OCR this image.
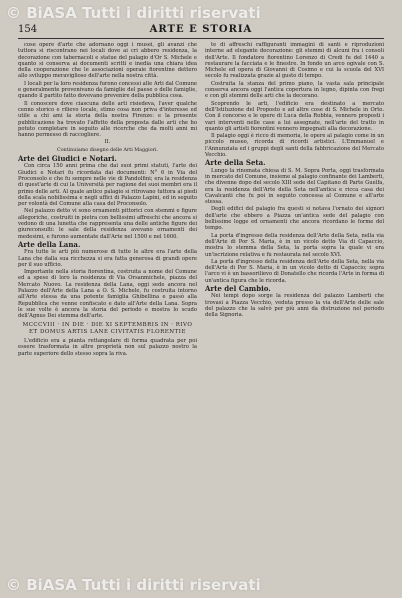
© BiASA Tutti i diritti riservati
154	ARTE E STORIA

cose opere d'arte che adornano oggi i musei, gli avanzi che tuttora si riscontrano nei locali dove ai cri abbero residenza, la decorazione con tabernacoli e statue del palagio d'Or S. Michele e quanto si conserva ai documenti scritti e inedia una chiara idea della cooperazione che le associazioni operaie fiorentine dettero allo sviluppo meraviglioso dell'arte nella nostra città.

I locali per la loro residenza furono concessi alle Arti dal Comune e generalmente provenivano da famiglie del paese o delle famiglie, quando il partito fatto dovevano prevenire della pubblica cosa.

Il conoscere dove ciascuna delle arti risiedeva, l'aver qualche cenno storico e rilievo locale, stimo cosa non priva d'interesse ed utile a chi ami la storia della nostra Firenze: e la presente pubblicazione ha trovato l'affetto della proposta dalle arti che ho potuto completare in seguito alle ricerche che da molti anni mi hanno permesso di raccogliere.

II.

Continuiamo disegno delle Arti Maggiori.
Arte dei Giudici e Notari.

Con circa 150 anni prima che dai suoi primi statuti, l'arte dei Giudici e Notari fu ricordata dai documenti: N° 6 in Via del Proconsolo e che fu sempre nelle vie di Pandolfini; era la residenza di quest'arte di cui la Università per ragione dei suoi membri era il primo delle arti. Al quale antico palagio si ritrovano tuttora ai piedi della scala nobilissima e negli uffici di Palazzo Lapini, ed in seguito per volontà del Comune alla casa del Proconsolo.

Nel palazzo detto vi sono ornamenti pittorici con stemmi e figure allegoriche, costruiti in pietra con bellissimi affreschi che ancora si vedono di una lunetta che rappresenta una delle antiche figure dei giureconsulti: le sale della residenza avevano ornamenti dei medesimi, e furono aumentate dall'Arte nel 1500 e nel 1600.

Arte della Lana.

Fra tutte le arti più numerose di tutte le altre era l'arte della Lana che dalla sua ricchezza si era fatta generosa di grandi opere per il suo ufficio.

Importante nella storia fiorentina, costruita a nome del Comune ed a spese di loro la residenza di Via Orsanmichele, piazza del Mercato Nuovo. La residenza della Lana, oggi sede ancora nel Palazzo dell'Arte della Lana a O. S. Michele, fu costruita intorno all'Arte stessa da una potente famiglia Ghibellina e passò alla Repubblica che venne confiscato e dato all'Arte della Lana. Sopra le sue volte è ancora la storia del periodo e mostra lo scudo dell'Agnus Dei stemma dell'arte.

MCCCVIII · IN DIE · DIE XI SEPTEMBRIS IN · RIVO ET DOMUS ARTIS LANE CIVITATIS FLORENTIE

L'edificio era a pianta rettangolare di forma quadrata per poi essere trasformata in altre proprietà non sul palazzo nostro la parte superiore dello stesso sopra la riva.

te di affreschi raffiguranti immagini di santi e riproduzioni interne ad elegante decorazione: gli stemmi di alcuni fra i consoli dell'Arte. Il fondatore fiorentino Lorenzo di Credi fu del 1440 a restaurare la facciata e le finestre. In fondo un arco ogivale con S. Michele ed opera di Giovanni di Cosimo e cui la scuola del XVI secolo fu realizzata grazie al gusto di tempo.

Costruita la stanza del primo piano, la vasta sala principale conserva ancora oggi l'antica copertura in legno, dipinta con fregi e con gli stemmi delle arti che la decorano.

Scoprendo le arti, l'edificio era destinato a mercato dell'Istituzione del Proposto e ad altre cose di S. Michele in Orto. Con il concorso e le opere di Luca della Robbia, vennero proposti i vari interventi nelle case a lui assegnate, nell'arte del tratto in quanto gli artisti fiorentini vennero impegnati alla decorazione.

Il palagio oggi è ricco di memoria, le opere al palagio come in un piccolo museo, ricorda di ricordi artistici. L'Emmanuel e l'Annunziata ed i gruppi degli santi della fabbricazione del Mercato Vecchio.

Arte della Seta.

Lungo la rinomata chiesa di S. M. Sopra Porta, oggi trasformata in mercato del Comune, insieme al palagio confinante dei Lamberti, che divenne dopo del secolo XIII sede del Capitano di Parte Guelfa, era la residenza dell'Arte della Seta nell'antica e ricca casa dei Cavalcanti che fu poi in seguito concessa al Comune e all'arte stessa.

Degli edifici del palagio fra questi si notava l'ornato dei signori dell'arte che ebbero a Piazza un'antica sede del palagio con bellissime logge ed ornamenti che ancora ricordano le forme del tempo.

La porta d'ingresso della residenza dell'Arte della Seta, nella via dell'Arte di Por S. Maria, è in un vicolo detto Via di Capaccio, mostra lo stemma della Seta, la porta sopra la quale vi era un'iscrizione relativa e fu restaurata nel secolo XVI.

La porta d'ingresso della residenza dell'Arte della Seta, nella via dell'Arte di Por S. Maria, è in un vicolo detto di Capaccio; sopra l'arco vi è un bassorilievo di Donatello che ricorda l'Arte in forma di un'antica figura che le ricorda.

Arte del Cambio.

Nei tempi dopo sorge la residenza del palazzo Lamberti che trovasi a Piazza Vecchio, veduta presso la via dell'Arte delle sale del palazzo che la salvò per più anni da distruzione nel periodo della Signoria.

© BiASA Tutti i diritti riservati
